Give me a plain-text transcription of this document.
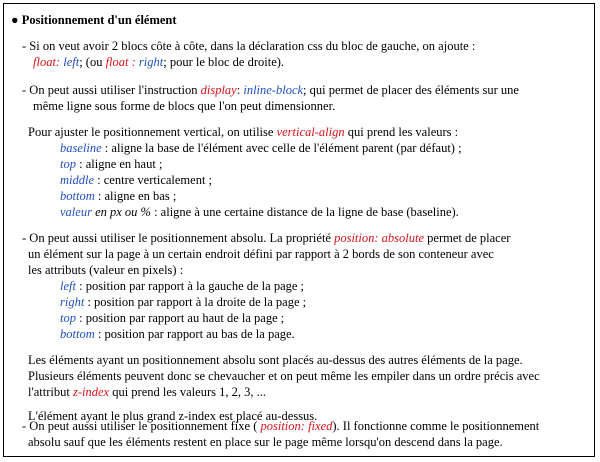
● Positionnement d'un élément
- Si on veut avoir 2 blocs côte à côte, dans la déclaration css du bloc de gauche, on ajoute :
float: left; (ou float : right; pour le bloc de droite).
- On peut aussi utiliser l'instruction display: inline-block; qui permet de placer des éléments sur une
même ligne sous forme de blocs que l'on peut dimensionner.
Pour ajuster le positionnement vertical, on utilise vertical-align qui prend les valeurs :
baseline : aligne la base de l'élément avec celle de l'élément parent (par défaut) ;
top : aligne en haut ;
middle : centre verticalement ;
bottom : aligne en bas ;
valeur en px ou % : aligne à une certaine distance de la ligne de base (baseline).
- On peut aussi utiliser le positionnement absolu. La propriété position: absolute permet de placer
un élément sur la page à un certain endroit défini par rapport à 2 bords de son conteneur avec
les attributs (valeur en pixels) :
left : position par rapport à la gauche de la page ;
right : position par rapport à la droite de la page ;
top : position par rapport au haut de la page ;
bottom : position par rapport au bas de la page.
Les éléments ayant un positionnement absolu sont placés au-dessus des autres éléments de la page.
Plusieurs éléments peuvent donc se chevaucher et on peut même les empiler dans un ordre précis avec
l'attribut z-index qui prend les valeurs 1, 2, 3, ...
L'élément ayant le plus grand z-index est placé au-dessus.
- On peut aussi utiliser le positionnement fixe ( position: fixed). Il fonctionne comme le positionnement
absolu sauf que les éléments restent en place sur le page même lorsqu'on descend dans la page.
